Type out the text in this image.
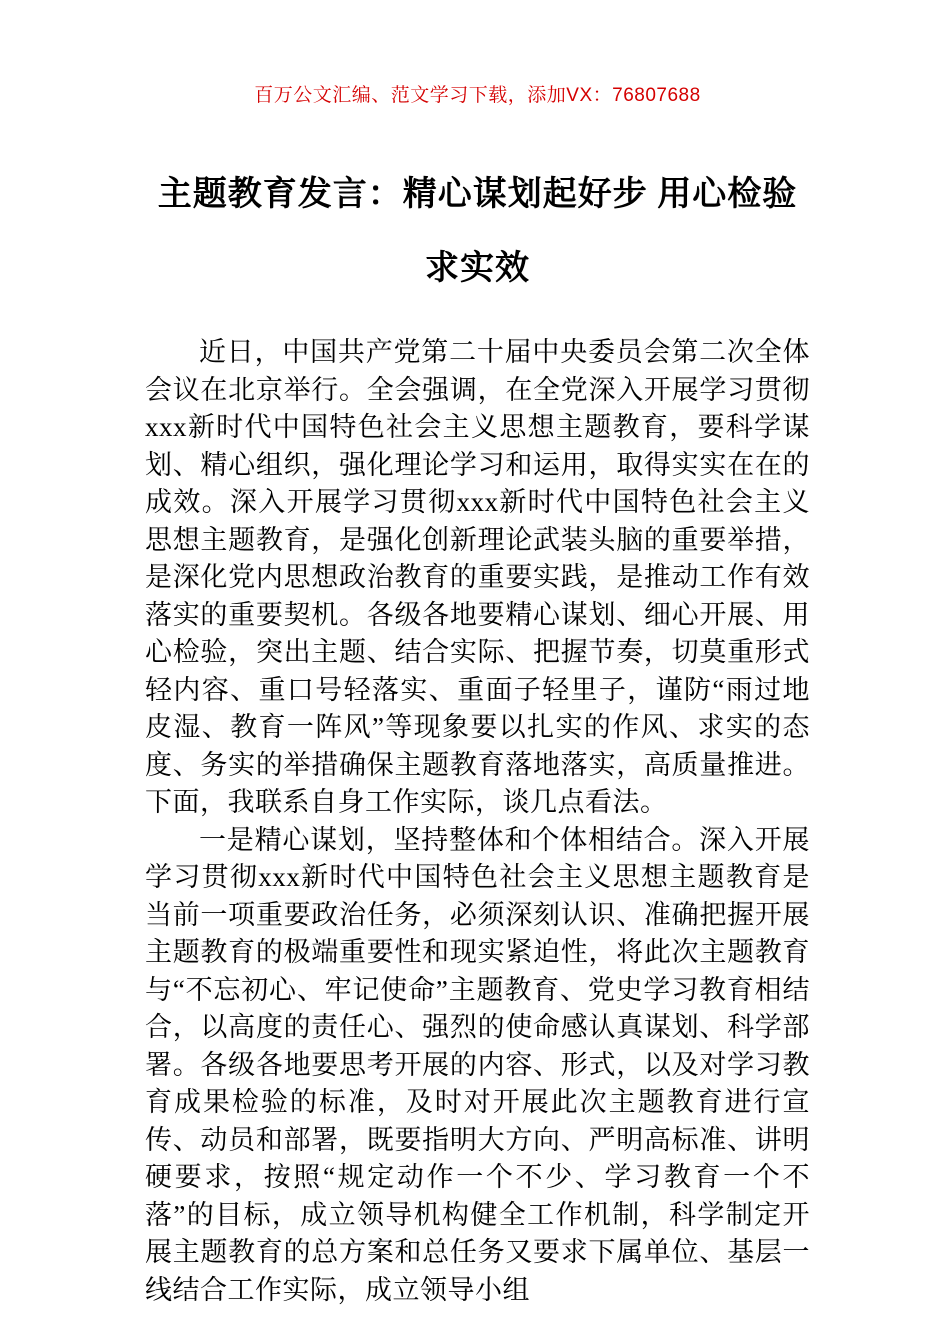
百万公文汇编、范文学习下载，添加VX：76807688
主题教育发言：精心谋划起好步 用心检验
求实效

近日，中国共产党第二十届中央委员会第二次全体会议在北京举行。全会强调，在全党深入开展学习贯彻xxx新时代中国特色社会主义思想主题教育，要科学谋划、精心组织，强化理论学习和运用，取得实实在在的成效。深入开展学习贯彻xxx新时代中国特色社会主义思想主题教育，是强化创新理论武装头脑的重要举措，是深化党内思想政治教育的重要实践，是推动工作有效落实的重要契机。各级各地要精心谋划、细心开展、用心检验，突出主题、结合实际、把握节奏，切莫重形式轻内容、重口号轻落实、重面子轻里子，谨防“雨过地皮湿、教育一阵风”等现象要以扎实的作风、求实的态度、务实的举措确保主题教育落地落实，高质量推进。下面，我联系自身工作实际，谈几点看法。

一是精心谋划，坚持整体和个体相结合。深入开展学习贯彻xxx新时代中国特色社会主义思想主题教育是当前一项重要政治任务，必须深刻认识、准确把握开展主题教育的极端重要性和现实紧迫性，将此次主题教育与“不忘初心、牢记使命”主题教育、党史学习教育相结合，以高度的责任心、强烈的使命感认真谋划、科学部署。各级各地要思考开展的内容、形式，以及对学习教育成果检验的标准，及时对开展此次主题教育进行宣传、动员和部署，既要指明大方向、严明高标准、讲明硬要求，按照“规定动作一个不少、学习教育一个不落”的目标，成立领导机构健全工作机制，科学制定开展主题教育的总方案和总任务又要求下属单位、基层一线结合工作实际，成立领导小组
